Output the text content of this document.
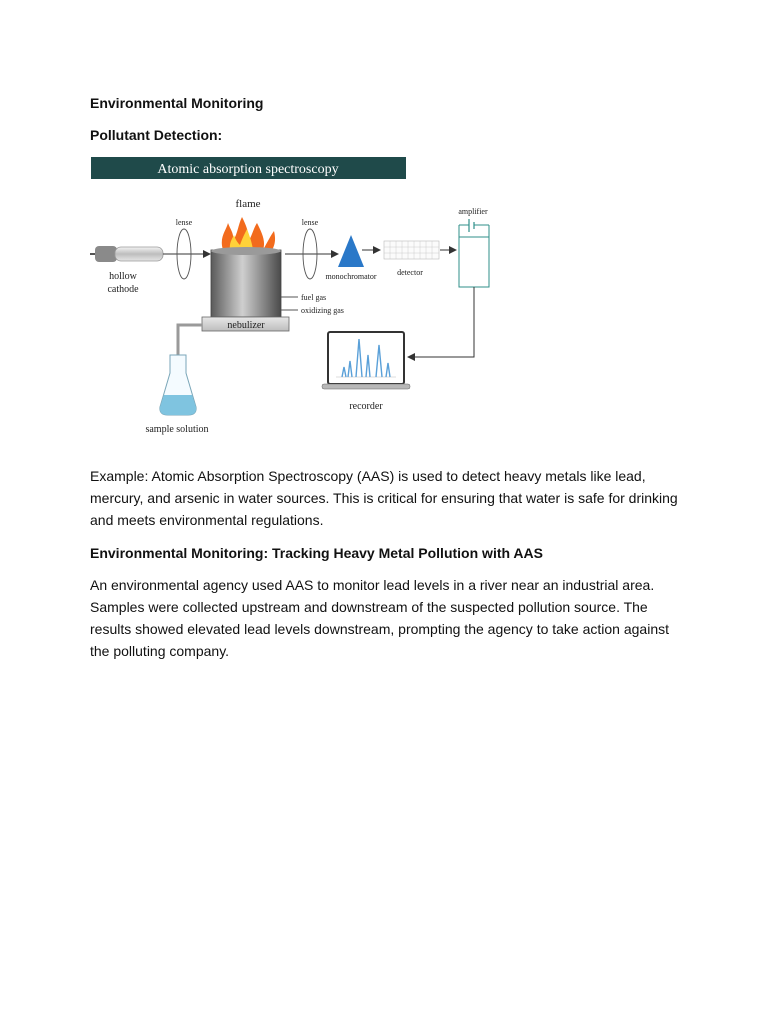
Environmental Monitoring
Pollutant Detection:
Atomic absorption spectroscopy
hollow
cathode
lense
flame
fuel gas
oxidizing gas
nebulizer
sample solution
lense
monochromator	detector
amplifier
recorder
Example: Atomic Absorption Spectroscopy (AAS) is used to detect heavy metals like lead, mercury, and arsenic in water sources. This is critical for ensuring that water is safe for drinking and meets environmental regulations.
Environmental Monitoring: Tracking Heavy Metal Pollution with AAS
An environmental agency used AAS to monitor lead levels in a river near an industrial area. Samples were collected upstream and downstream of the suspected pollution source. The results showed elevated lead levels downstream, prompting the agency to take action against the polluting company.
